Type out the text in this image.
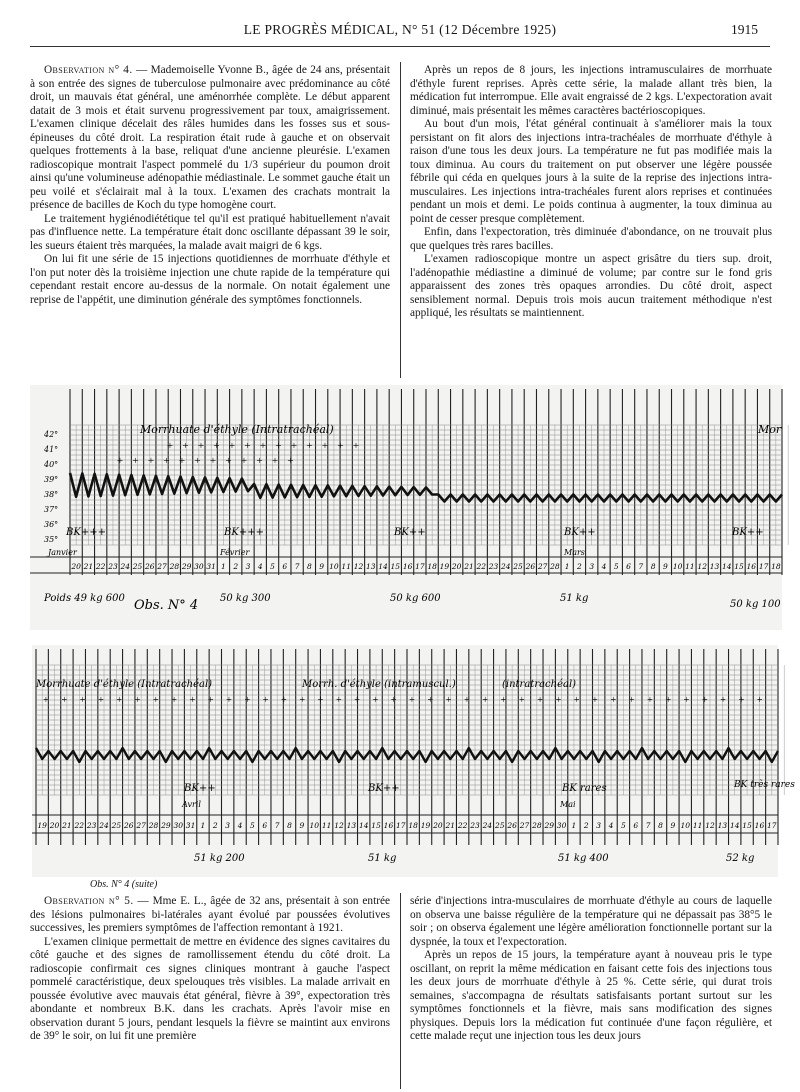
LE PROGRÈS MÉDICAL, N° 51 (12 Décembre 1925)	1915

Observation n° 4. — Mademoiselle Yvonne B., âgée de 24 ans, présentait à son entrée des signes de tuberculose pulmonaire avec prédominance au côté droit, un mauvais état général, une aménorrhée complète. Le début apparent datait de 3 mois et était survenu progressivement par toux, amaigrissement. L'examen clinique décelait des râles humides dans les fosses sus et sous-épineuses du côté droit. La respiration était rude à gauche et on observait quelques frottements à la base, reliquat d'une ancienne pleurésie. L'examen radioscopique montrait l'aspect pommelé du 1/3 supérieur du poumon droit ainsi qu'une volumineuse adénopathie médiastinale. Le sommet gauche était un peu voilé et s'éclairait mal à la toux. L'examen des crachats montrait la présence de bacilles de Koch du type homogène court.

Le traitement hygiénodiététique tel qu'il est pratiqué habituellement n'avait pas d'influence nette. La température était donc oscillante dépassant 39 le soir, les sueurs étaient très marquées, la malade avait maigri de 6 kgs.

On lui fit une série de 15 injections quotidiennes de morrhuate d'éthyle et l'on put noter dès la troisième injection une chute rapide de la température qui cependant restait encore au-dessus de la normale. On notait également une reprise de l'appétit, une diminution générale des symptômes fonctionnels.

Après un repos de 8 jours, les injections intramusculaires de morrhuate d'éthyle furent reprises. Après cette série, la malade allant très bien, la médication fut interrompue. Elle avait engraissé de 2 kgs. L'expectoration avait diminué, mais présentait les mêmes caractères bactérioscopiques.

Au bout d'un mois, l'état général continuait à s'améliorer mais la toux persistant on fit alors des injections intra-trachéales de morrhuate d'éthyle à raison d'une tous les deux jours. La température ne fut pas modifiée mais la toux diminua. Au cours du traitement on put observer une légère poussée fébrile qui céda en quelques jours à la suite de la reprise des injections intra-musculaires. Les injections intra-trachéales furent alors reprises et continuées pendant un mois et demi. Le poids continua à augmenter, la toux diminua au point de cesser presque complètement.

Enfin, dans l'expectoration, très diminuée d'abondance, on ne trouvait plus que quelques très rares bacilles.

L'examen radioscopique montre un aspect grisâtre du tiers sup. droit, l'adénopathie médiastine a diminué de volume; par contre sur le fond gris apparaissent des zones très opaques arrondies. Du côté droit, aspect sensiblement normal. Depuis trois mois aucun traitement méthodique n'est appliqué, les résultats se maintiennent.

Morrhuate d'éthyle (Intratrachéal)	Mor
42°
41°
40°
39°
38°
37°
36°
35°
+ + + + + + + + + + + + +
+ + + + + + + + + + + +
BK+++	BK+++	BK++	BK++	BK++
Janvier	Février	Mars
20 21 22 23 24 25 26 27 28 29 30 31 1 2 3 4 5 6 7 8 9 10 11 12 13 14 15 16 17 18 19 20 21 22 23 24 25 26 27 28 1 2 3 4 5 6 7 8 9 10 11 12 13 14 15 16 17 18
Poids 49 kg 600	50 kg 300	50 kg 600	51 kg
50 kg 100
Obs. N° 4
Morrhuate d'éthyle (Intratrachéal)	Morrh. d'éthyle (intramuscul.)	(intratrachéal)
+ + + + + + + + + + + + + + + + + + + + + + + + + + + + + + + + + + + + + + + +
BK++	BK++	BK rares	BK très rares
Avril	Mai
19 20 21 22 23 24 25 26 27 28 29 30 31 1 2 3 4 5 6 7 8 9 10 11 12 13 14 15 16 17 18 19 20 21 22 23 24 25 26 27 28 29 30 1 2 3 4 5 6 7 8 9 10 11 12 13 14 15 16 17
51 kg 200	51 kg	51 kg 400	52 kg
Obs. N° 4 (suite)

Observation n° 5. — Mme E. L., âgée de 32 ans, présentait à son entrée des lésions pulmonaires bi-latérales ayant évolué par poussées évolutives successives, les premiers symptômes de l'affection remontant à 1921.

L'examen clinique permettait de mettre en évidence des signes cavitaires du côté gauche et des signes de ramollissement étendu du côté droit. La radioscopie confirmait ces signes cliniques montrant à gauche l'aspect pommelé caractéristique, deux spelouques très visibles. La malade arrivait en poussée évolutive avec mauvais état général, fièvre à 39°, expectoration très abondante et nombreux B.K. dans les crachats. Après l'avoir mise en observation durant 5 jours, pendant lesquels la fièvre se maintint aux environs de 39° le soir, on lui fit une première

série d'injections intra-musculaires de morrhuate d'éthyle au cours de laquelle on observa une baisse régulière de la température qui ne dépassait pas 38°5 le soir ; on observa également une légère amélioration fonctionnelle portant sur la dyspnée, la toux et l'expectoration.

Après un repos de 15 jours, la température ayant à nouveau pris le type oscillant, on reprit la même médication en faisant cette fois des injections tous les deux jours de morrhuate d'éthyle à 25 %. Cette série, qui durat trois semaines, s'accompagna de résultats satisfaisants portant surtout sur les symptômes fonctionnels et la fièvre, mais sans modification des signes physiques. Depuis lors la médication fut continuée d'une façon régulière, et cette malade reçut une injection tous les deux jours
